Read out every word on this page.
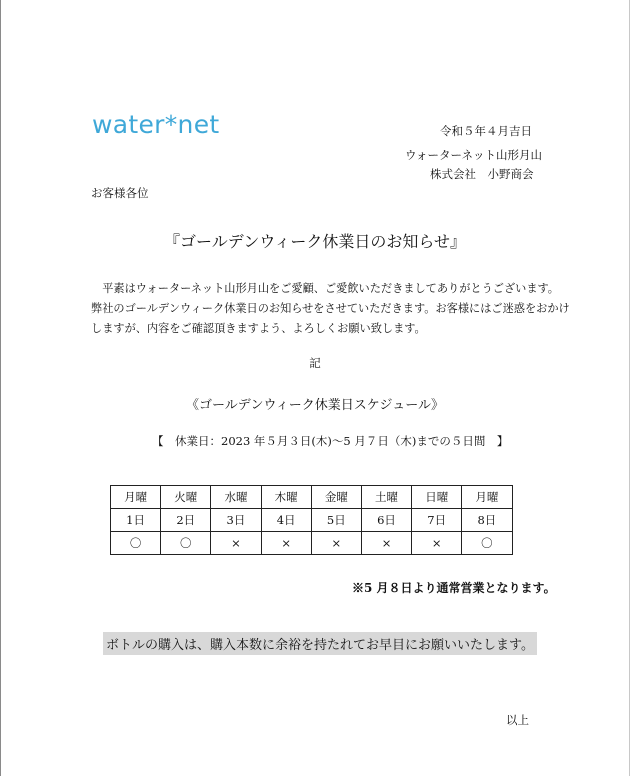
water*net	令和５年４月吉日
ウォーターネット山形月山
株式会社　小野商会
お客様各位
『ゴールデンウィーク休業日のお知らせ』
　平素はウォーターネット山形月山をご愛顧、ご愛飲いただきましてありがとうございます。
弊社のゴールデンウィーク休業日のお知らせをさせていただきます。お客様にはご迷惑をおかけ
しますが、内容をご確認頂きますよう、よろしくお願い致します。
記
《ゴールデンウィーク休業日スケジュール》
【　休業日：2023 年５月３日(木)〜5 月７日（木)までの５日間　】
月曜	火曜	水曜	木曜	金曜	土曜	日曜	月曜
1日	2日	3日	4日	5日	6日	7日	8日
〇	〇	×	×	×	×	×	〇
※5 月８日より通常営業となります。
ボトルの購入は、購入本数に余裕を持たれてお早目にお願いいたします。
以上
